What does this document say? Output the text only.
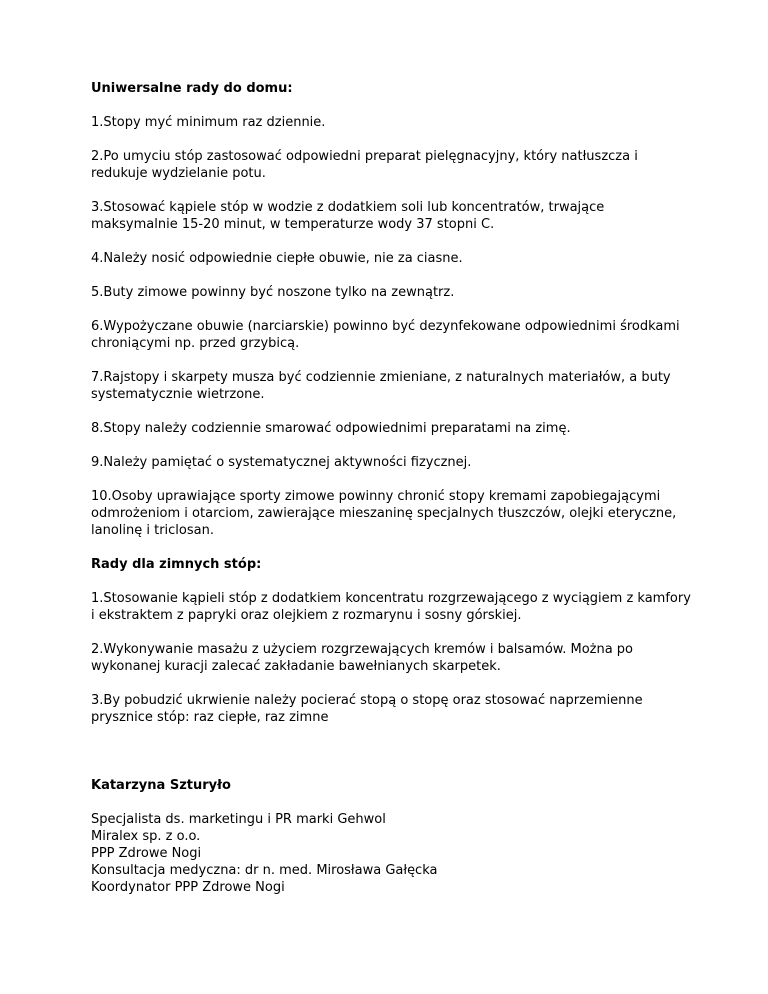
Uniwersalne rady do domu:

1.Stopy myć minimum raz dziennie.

2.Po umyciu stóp zastosować odpowiedni preparat pielęgnacyjny, który natłuszcza i redukuje wydzielanie potu.

3.Stosować kąpiele stóp w wodzie z dodatkiem soli lub koncentratów, trwające maksymalnie 15-20 minut, w temperaturze wody 37 stopni C.

4.Należy nosić odpowiednie ciepłe obuwie, nie za ciasne.

5.Buty zimowe powinny być noszone tylko na zewnątrz.

6.Wypożyczane obuwie (narciarskie) powinno być dezynfekowane odpowiednimi środkami chroniącymi np. przed grzybicą.

7.Rajstopy i skarpety musza być codziennie zmieniane, z naturalnych materiałów, a buty systematycznie wietrzone.

8.Stopy należy codziennie smarować odpowiednimi preparatami na zimę.

9.Należy pamiętać o systematycznej aktywności fizycznej.

10.Osoby uprawiające sporty zimowe powinny chronić stopy kremami zapobiegającymi odmrożeniom i otarciom, zawierające mieszaninę specjalnych tłuszczów, olejki eteryczne, lanolinę i triclosan.

Rady dla zimnych stóp:

1.Stosowanie kąpieli stóp z dodatkiem koncentratu rozgrzewającego z wyciągiem z kamfory i ekstraktem z papryki oraz olejkiem z rozmarynu i sosny górskiej.

2.Wykonywanie masażu z użyciem rozgrzewających kremów i balsamów. Można po wykonanej kuracji zalecać zakładanie bawełnianych skarpetek.

3.By pobudzić ukrwienie należy pocierać stopą o stopę oraz stosować naprzemienne prysznice stóp: raz ciepłe, raz zimne

Katarzyna Szturyło

Specjalista ds. marketingu i PR marki Gehwol
Miralex sp. z o.o.
PPP Zdrowe Nogi
Konsultacja medyczna: dr n. med. Mirosława Gałęcka
Koordynator PPP Zdrowe Nogi
